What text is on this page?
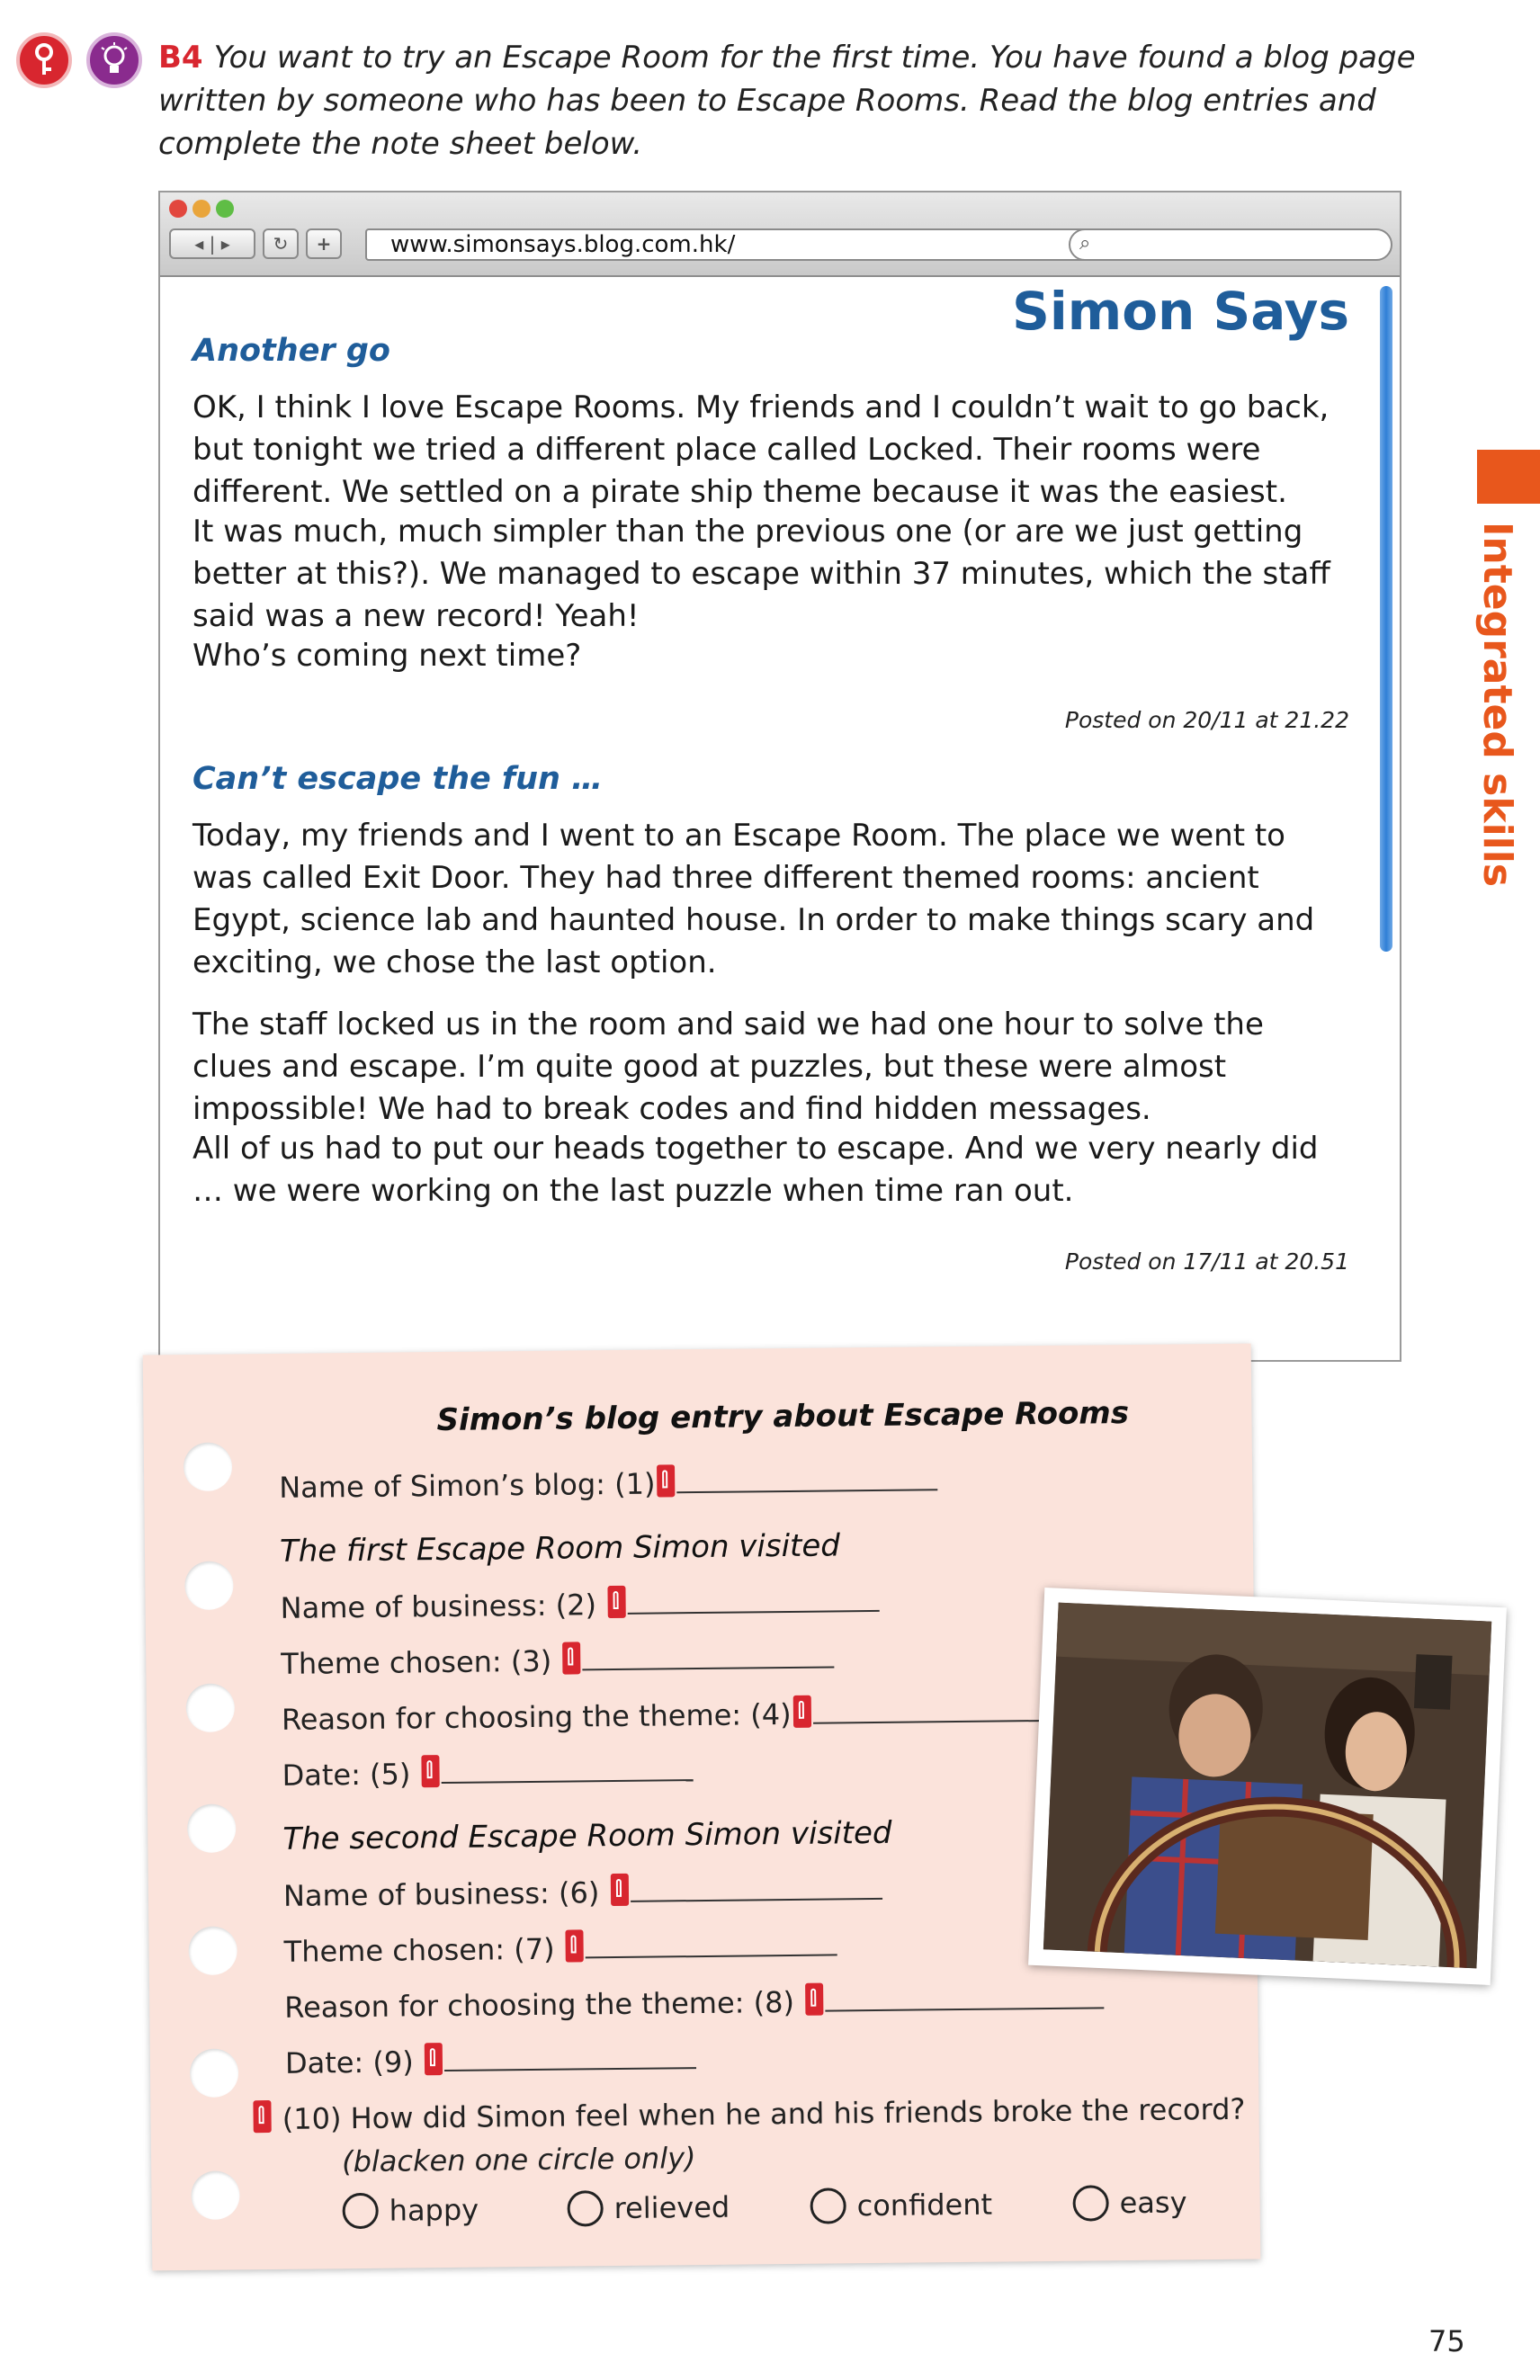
B4 You want to try an Escape Room for the first time. You have found a blog page written by someone who has been to Escape Rooms. Read the blog entries and complete the note sheet below.
◂ | ▸	↻	+	www.simonsays.blog.com.hk/	⌕
Simon Says
Another go
OK, I think I love Escape Rooms. My friends and I couldn’t wait to go back, but tonight we tried a different place called Locked. Their rooms were different. We settled on a pirate ship theme because it was the easiest.
It was much, much simpler than the previous one (or are we just getting better at this?). We managed to escape within 37 minutes, which the staff said was a new record! Yeah!
Who’s coming next time?
Posted on 20/11 at 21.22
Can’t escape the fun …
Today, my friends and I went to an Escape Room. The place we went to was called Exit Door. They had three different themed rooms: ancient Egypt, science lab and haunted house. In order to make things scary and exciting, we chose the last option.
The staff locked us in the room and said we had one hour to solve the clues and escape. I’m quite good at puzzles, but these were almost impossible! We had to break codes and find hidden messages.
All of us had to put our heads together to escape. And we very nearly did … we were working on the last puzzle when time ran out.
Posted on 17/11 at 20.51
Simon’s blog entry about Escape Rooms
Name of Simon’s blog: (1)
The first Escape Room Simon visited
Name of business: (2)
Theme chosen: (3)
Reason for choosing the theme: (4)
Date: (5)
The second Escape Room Simon visited
Name of business: (6)
Theme chosen: (7)
Reason for choosing the theme: (8)
Date: (9)
(10) How did Simon feel when he and his friends broke the record?
(blacken one circle only)
happy	relieved	confident	easy
Integrated skills
75
